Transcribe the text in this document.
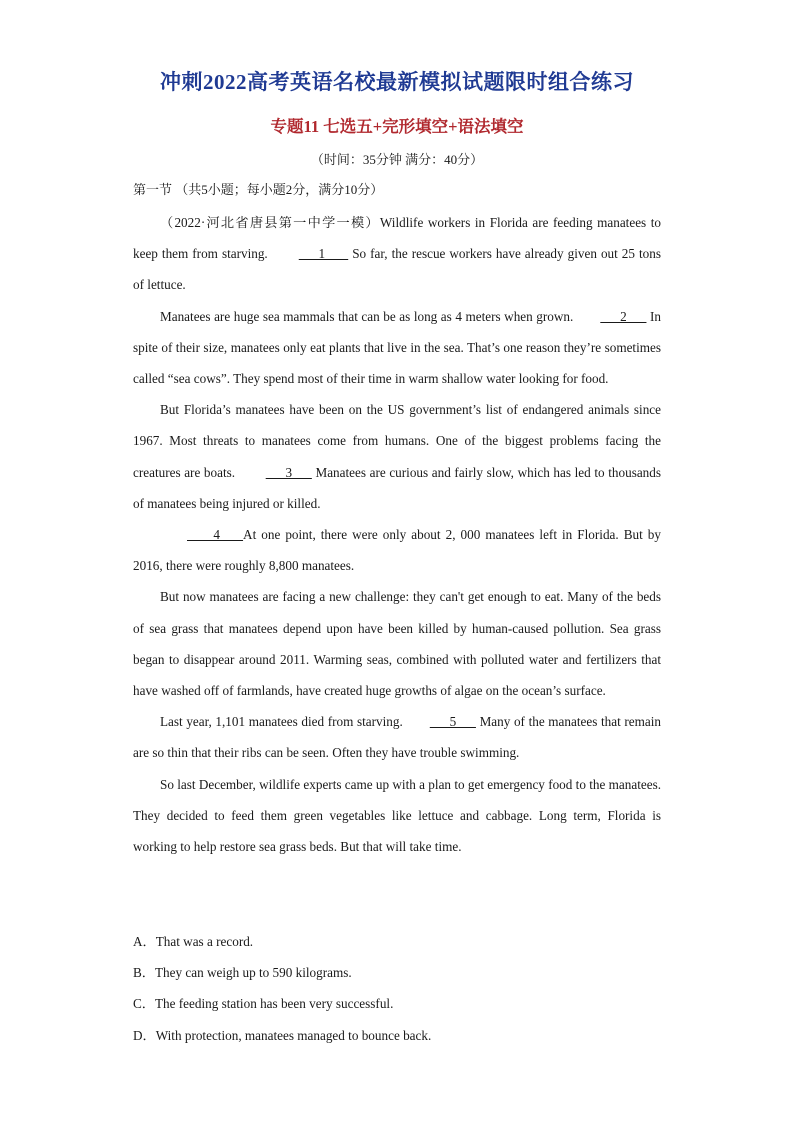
冲刺2022高考英语名校最新模拟试题限时组合练习
专题11 七选五+完形填空+语法填空
（时间：35分钟 满分：40分）
第一节 （共5小题；每小题2分，满分10分）

（2022·河北省唐县第一中学一模）Wildlife workers in Florida are feeding manatees to keep them from starving.       1        So far, the rescue workers have already given out 25 tons of lettuce.

Manatees are huge sea mammals that can be as long as 4 meters when grown.      2       In spite of their size, manatees only eat plants that live in the sea. That’s one reason they’re sometimes called “sea cows”. They spend most of their time in warm shallow water looking for food.

But Florida’s manatees have been on the US government’s list of endangered animals since 1967. Most threats to manatees come from humans. One of the biggest problems facing the creatures are boats.       3       Manatees are curious and fairly slow, which has led to thousands of manatees being injured or killed.

4       At one point, there were only about 2, 000 manatees left in Florida. But by 2016, there were roughly 8,800 manatees.

But now manatees are facing a new challenge: they can't get enough to eat. Many of the beds of sea grass that manatees depend upon have been killed by human-caused pollution. Sea grass began to disappear around 2011. Warming seas, combined with polluted water and fertilizers that have washed off of farmlands, have created huge growths of algae on the ocean’s surface.

Last year, 1,101 manatees died from starving.      5       Many of the manatees that remain are so thin that their ribs can be seen. Often they have trouble swimming.

So last December, wildlife experts came up with a plan to get emergency food to the manatees. They decided to feed them green vegetables like lettuce and cabbage. Long term, Florida is working to help restore sea grass beds. But that will take time.

A．That was a record.
B．They can weigh up to 590 kilograms.
C．The feeding station has been very successful.
D．With protection, manatees managed to bounce back.
